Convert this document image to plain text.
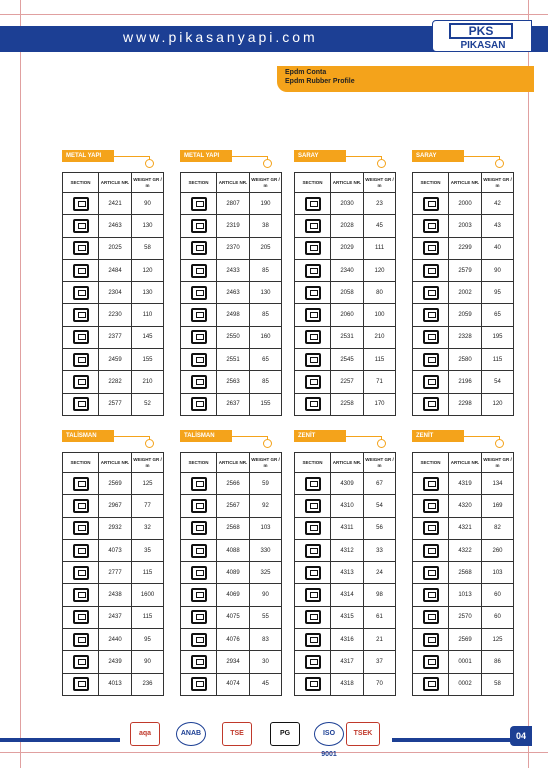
www.pikasanyapi.com	PKS
PIKASAN
Epdm Conta
Epdm Rubber Profile
METAL YAPI
SECTION	ARTICLE NR.	WEIGHT GR / m
	2421	90
	2463	130
	2025	58
	2484	120
	2304	130
	2230	110
	2377	145
	2459	155
	2282	210
	2577	52
METAL YAPI
SECTION	ARTICLE NR.	WEIGHT GR / m
	2807	190
	2319	38
	2370	205
	2433	85
	2463	130
	2498	85
	2550	160
	2551	65
	2563	85
	2637	155
SARAY
SECTION	ARTICLE NR.	WEIGHT GR / m
	2030	23
	2028	45
	2029	111
	2340	120
	2058	80
	2060	100
	2531	210
	2545	115
	2257	71
	2258	170
SARAY
SECTION	ARTICLE NR.	WEIGHT GR / m
	2000	42
	2003	43
	2299	40
	2579	90
	2002	95
	2059	65
	2328	195
	2580	115
	2196	54
	2298	120
TALİSMAN
SECTION	ARTICLE NR.	WEIGHT GR / m
	2569	125
	2967	77
	2932	32
	4073	35
	2777	115
	2438	1600
	2437	115
	2440	95
	2439	90
	4013	236
TALİSMAN
SECTION	ARTICLE NR.	WEIGHT GR / m
	2566	59
	2567	92
	2568	103
	4088	330
	4089	325
	4069	90
	4075	55
	4076	83
	2934	30
	4074	45
ZENİT
SECTION	ARTICLE NR.	WEIGHT GR / m
	4309	67
	4310	54
	4311	56
	4312	33
	4313	24
	4314	98
	4315	61
	4316	21
	4317	37
	4318	70
ZENİT
SECTION	ARTICLE NR.	WEIGHT GR / m
	4319	134
	4320	169
	4321	82
	4322	260
	2568	103
	1013	60
	2570	60
	2569	125
	0001	86
	0002	58
aqa	ANAB	TSE	PG	ISO 9001
TSEK	04
